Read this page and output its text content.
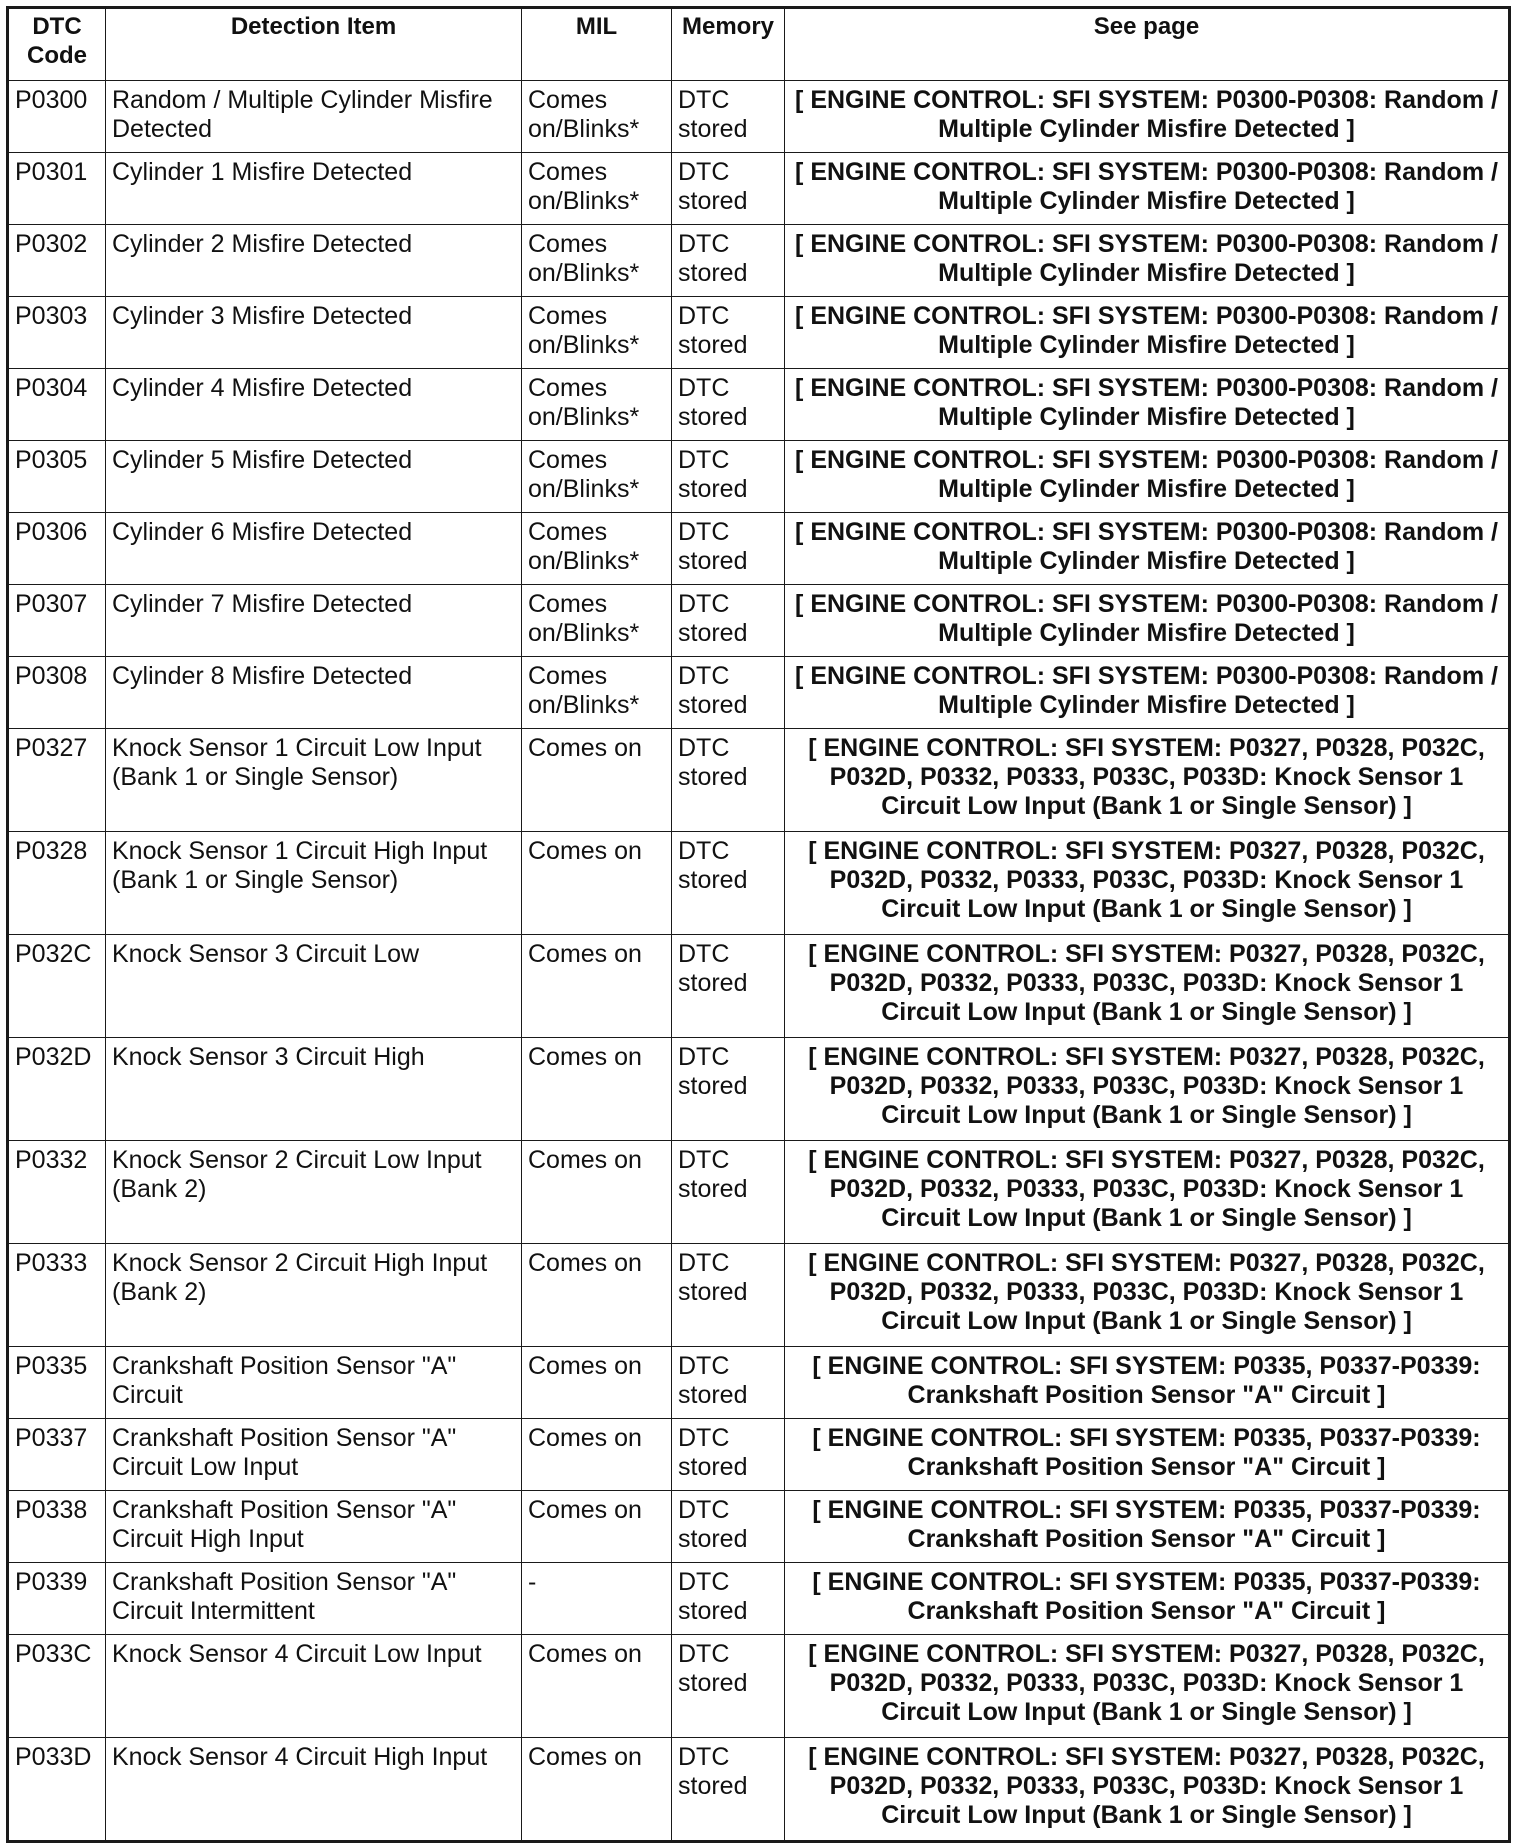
DTC Code	Detection Item	MIL	Memory	See page
P0300	Random / Multiple Cylinder Misfire Detected	Comes on/Blinks*	DTC stored	[ ENGINE CONTROL: SFI SYSTEM: P0300-P0308: Random / Multiple Cylinder Misfire Detected ]
P0301	Cylinder 1 Misfire Detected	Comes on/Blinks*	DTC stored	[ ENGINE CONTROL: SFI SYSTEM: P0300-P0308: Random / Multiple Cylinder Misfire Detected ]
P0302	Cylinder 2 Misfire Detected	Comes on/Blinks*	DTC stored	[ ENGINE CONTROL: SFI SYSTEM: P0300-P0308: Random / Multiple Cylinder Misfire Detected ]
P0303	Cylinder 3 Misfire Detected	Comes on/Blinks*	DTC stored	[ ENGINE CONTROL: SFI SYSTEM: P0300-P0308: Random / Multiple Cylinder Misfire Detected ]
P0304	Cylinder 4 Misfire Detected	Comes on/Blinks*	DTC stored	[ ENGINE CONTROL: SFI SYSTEM: P0300-P0308: Random / Multiple Cylinder Misfire Detected ]
P0305	Cylinder 5 Misfire Detected	Comes on/Blinks*	DTC stored	[ ENGINE CONTROL: SFI SYSTEM: P0300-P0308: Random / Multiple Cylinder Misfire Detected ]
P0306	Cylinder 6 Misfire Detected	Comes on/Blinks*	DTC stored	[ ENGINE CONTROL: SFI SYSTEM: P0300-P0308: Random / Multiple Cylinder Misfire Detected ]
P0307	Cylinder 7 Misfire Detected	Comes on/Blinks*	DTC stored	[ ENGINE CONTROL: SFI SYSTEM: P0300-P0308: Random / Multiple Cylinder Misfire Detected ]
P0308	Cylinder 8 Misfire Detected	Comes on/Blinks*	DTC stored	[ ENGINE CONTROL: SFI SYSTEM: P0300-P0308: Random / Multiple Cylinder Misfire Detected ]
P0327	Knock Sensor 1 Circuit Low Input (Bank 1 or Single Sensor)	Comes on	DTC stored	[ ENGINE CONTROL: SFI SYSTEM: P0327, P0328, P032C, P032D, P0332, P0333, P033C, P033D: Knock Sensor 1 Circuit Low Input (Bank 1 or Single Sensor) ]
P0328	Knock Sensor 1 Circuit High Input (Bank 1 or Single Sensor)	Comes on	DTC stored	[ ENGINE CONTROL: SFI SYSTEM: P0327, P0328, P032C, P032D, P0332, P0333, P033C, P033D: Knock Sensor 1 Circuit Low Input (Bank 1 or Single Sensor) ]
P032C	Knock Sensor 3 Circuit Low	Comes on	DTC stored	[ ENGINE CONTROL: SFI SYSTEM: P0327, P0328, P032C, P032D, P0332, P0333, P033C, P033D: Knock Sensor 1 Circuit Low Input (Bank 1 or Single Sensor) ]
P032D	Knock Sensor 3 Circuit High	Comes on	DTC stored	[ ENGINE CONTROL: SFI SYSTEM: P0327, P0328, P032C, P032D, P0332, P0333, P033C, P033D: Knock Sensor 1 Circuit Low Input (Bank 1 or Single Sensor) ]
P0332	Knock Sensor 2 Circuit Low Input (Bank 2)	Comes on	DTC stored	[ ENGINE CONTROL: SFI SYSTEM: P0327, P0328, P032C, P032D, P0332, P0333, P033C, P033D: Knock Sensor 1 Circuit Low Input (Bank 1 or Single Sensor) ]
P0333	Knock Sensor 2 Circuit High Input (Bank 2)	Comes on	DTC stored	[ ENGINE CONTROL: SFI SYSTEM: P0327, P0328, P032C, P032D, P0332, P0333, P033C, P033D: Knock Sensor 1 Circuit Low Input (Bank 1 or Single Sensor) ]
P0335	Crankshaft Position Sensor "A" Circuit	Comes on	DTC stored	[ ENGINE CONTROL: SFI SYSTEM: P0335, P0337-P0339: Crankshaft Position Sensor "A" Circuit ]
P0337	Crankshaft Position Sensor "A" Circuit Low Input	Comes on	DTC stored	[ ENGINE CONTROL: SFI SYSTEM: P0335, P0337-P0339: Crankshaft Position Sensor "A" Circuit ]
P0338	Crankshaft Position Sensor "A" Circuit High Input	Comes on	DTC stored	[ ENGINE CONTROL: SFI SYSTEM: P0335, P0337-P0339: Crankshaft Position Sensor "A" Circuit ]
P0339	Crankshaft Position Sensor "A" Circuit Intermittent	-	DTC stored	[ ENGINE CONTROL: SFI SYSTEM: P0335, P0337-P0339: Crankshaft Position Sensor "A" Circuit ]
P033C	Knock Sensor 4 Circuit Low Input	Comes on	DTC stored	[ ENGINE CONTROL: SFI SYSTEM: P0327, P0328, P032C, P032D, P0332, P0333, P033C, P033D: Knock Sensor 1 Circuit Low Input (Bank 1 or Single Sensor) ]
P033D	Knock Sensor 4 Circuit High Input	Comes on	DTC stored	[ ENGINE CONTROL: SFI SYSTEM: P0327, P0328, P032C, P032D, P0332, P0333, P033C, P033D: Knock Sensor 1 Circuit Low Input (Bank 1 or Single Sensor) ]
